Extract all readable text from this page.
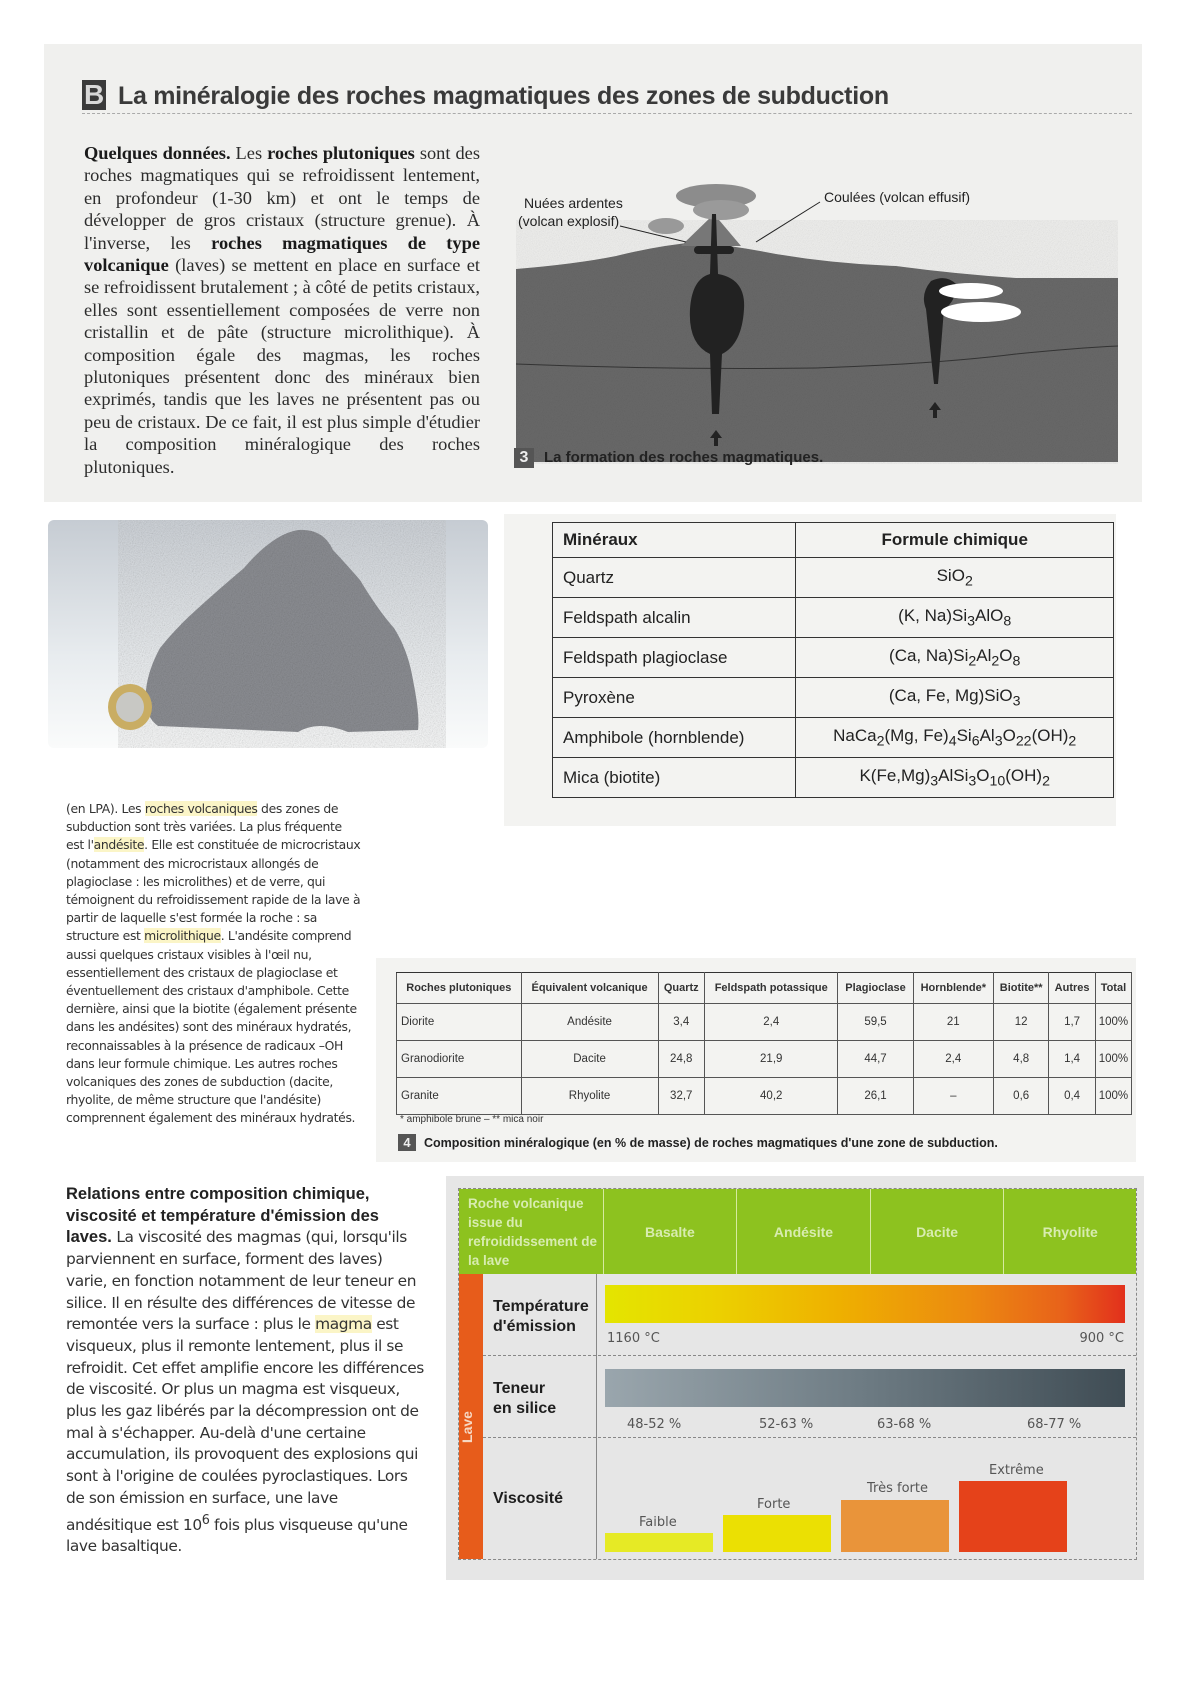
B La minéralogie des roches magmatiques des zones de subduction
Quelques données. Les roches plutoniques sont des roches magmatiques qui se refroidissent lentement, en profondeur (1-30 km) et ont le temps de développer de gros cristaux (structure grenue). À l'inverse, les roches magmatiques de type volcanique (laves) se mettent en place en surface et se refroidissent brutalement ; à côté de petits cristaux, elles sont essentiellement composées de verre non cristallin et de pâte (structure microlithique). À composition égale des magmas, les roches plutoniques présentent donc des minéraux bien exprimés, tandis que les laves ne présentent pas ou peu de cristaux. De ce fait, il est plus simple d'étudier la composition minéralogique des roches plutoniques.
Nuées ardentes
(volcan explosif)
Coulées (volcan effusif)
3 La formation des roches magmatiques.
Minéraux	Formule chimique
Quartz	SiO$_2$
Feldspath alcalin	(K, $Na)Si_3AlO_8$
Feldspath plagioclase	(Ca, $Na)Si_2Al_2O_8$
Pyroxène	(Ca, Fe, Mg)SiO$_3$
Amphibole (hornblende)	NaCa$_2$(Mg, $Fe)_4Si_6Al_3O_{22}(OH)_2$
Mica (biotite)	$K(Fe,Mg)_3AlSi_3O_{10}(OH)_2$
(en LPA). Les roches volcaniques des zones de subduction sont très variées. La plus fréquente est l'andésite. Elle est constituée de microcristaux (notamment des microcristaux allongés de plagioclase : les microlithes) et de verre, qui témoignent du refroidissement rapide de la lave à partir de laquelle s'est formée la roche : sa structure est microlithique. L'andésite comprend aussi quelques cristaux visibles à l'œil nu, essentiellement des cristaux de plagioclase et éventuellement des cristaux d'amphibole. Cette dernière, ainsi que la biotite (également présente dans les andésites) sont des minéraux hydratés, reconnaissables à la présence de radicaux –OH dans leur formule chimique. Les autres roches volcaniques des zones de subduction (dacite, rhyolite, de même structure que l'andésite) comprennent également des minéraux hydratés.
Roches plutoniques	Équivalent volcanique	Quartz	Feldspath potassique	Plagioclase	Hornblende*	Biotite**	Autres	Total
Diorite	Andésite	3,4	2,4	59,5	21	12	1,7	100%
Granodiorite	Dacite	24,8	21,9	44,7	2,4	4,8	1,4	100%
Granite	Rhyolite	32,7	40,2	26,1	–	0,6	0,4	100%
* amphibole brune – ** mica noir
4 Composition minéralogique (en % de masse) de roches magmatiques d'une zone de subduction.
Relations entre composition chimique, viscosité et température d'émission des laves. La viscosité des magmas (qui, lorsqu'ils parviennent en surface, forment des laves) varie, en fonction notamment de leur teneur en silice. Il en résulte des différences de vitesse de remontée vers la surface : plus le magma est visqueux, plus il remonte lentement, plus il se refroidit. Cet effet amplifie encore les différences de viscosité. Or plus un magma est visqueux, plus les gaz libérés par la décompression ont de mal à s'échapper. Au-delà d'une certaine accumulation, ils provoquent des explosions qui sont à l'origine de coulées pyroclastiques. Lors de son émission en surface, une lave andésitique est $10^6$ fois plus visqueuse qu'une lave basaltique.
Roche volcanique issue du refroididssement de la lave
Basalte	Andésite	Dacite	Rhyolite
Lave
Température
d'émission
1160 °C	900 °C
Teneur
en silice
48-52 %	52-63 %	63-68 %	68-77 %
Viscosité
Faible
Forte
Très forte
Extrême
